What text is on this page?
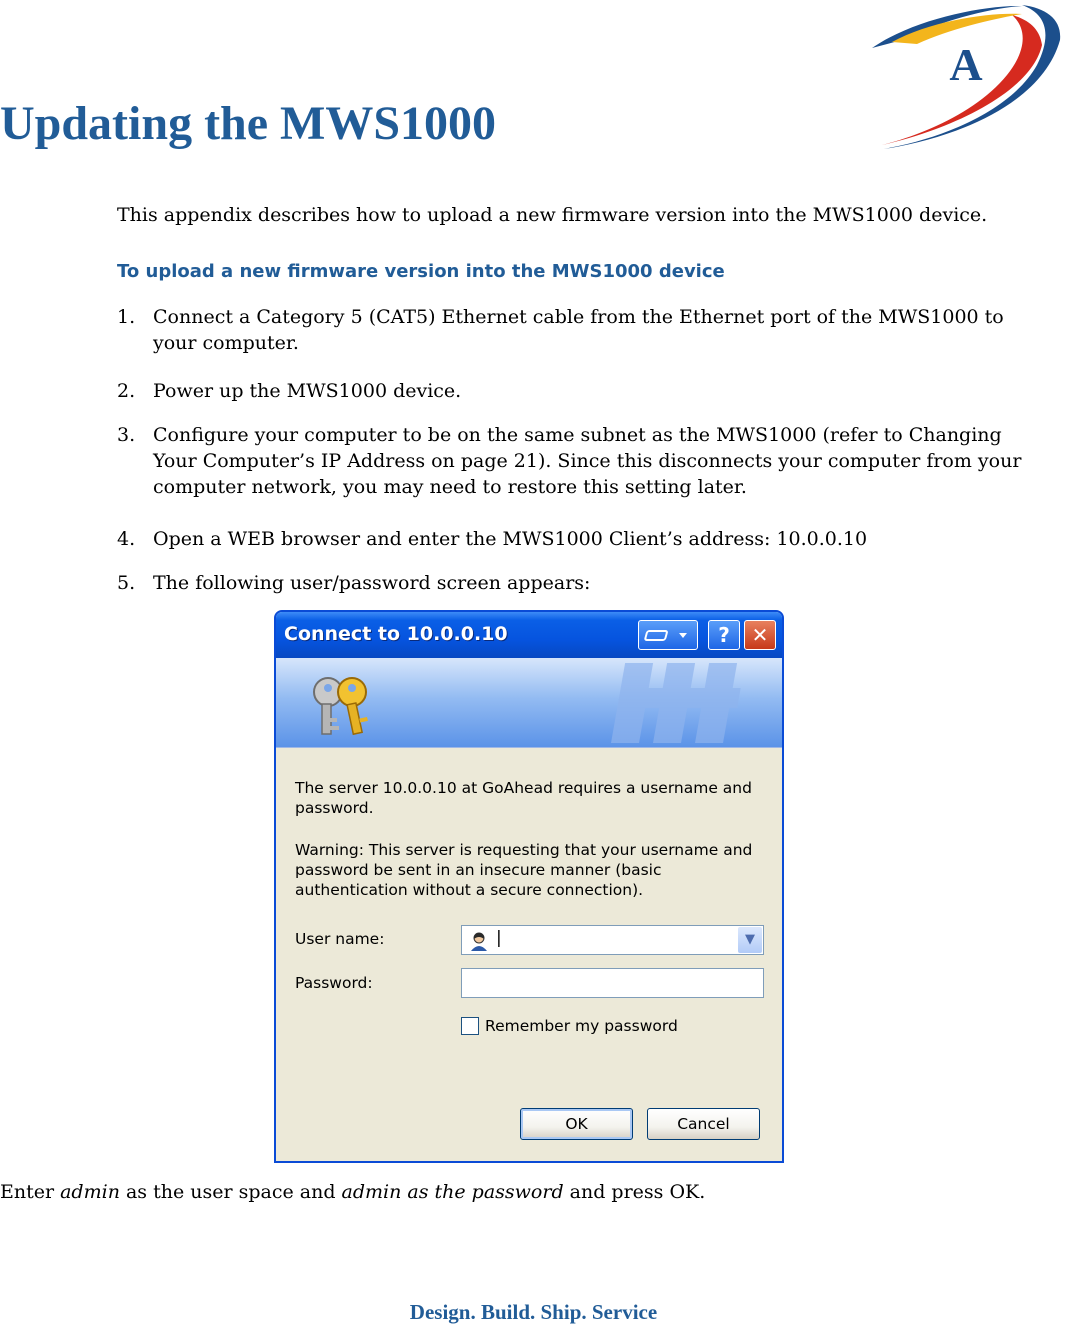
A
Updating the MWS1000

This appendix describes how to upload a new firmware version into the MWS1000 device.

To upload a new firmware version into the MWS1000 device
1. Connect a Category 5 (CAT5) Ethernet cable from the Ethernet port of the MWS1000 to your computer.
2. Power up the MWS1000 device.
3. Configure your computer to be on the same subnet as the MWS1000 (refer to Changing Your Computer’s IP Address on page 21). Since this disconnects your computer from your computer network, you may need to restore this setting later.
4. Open a WEB browser and enter the MWS1000 Client’s address: 10.0.0.10
5. The following user/password screen appears:
Connect to 10.0.0.10	?	✕

The server 10.0.0.10 at GoAhead requires a username and password.

Warning: This server is requesting that your username and password be sent in an insecure manner (basic authentication without a secure connection).

User name:	|	▼
Password:
Remember my password
OK	Cancel
Enter admin as the user space and admin as the password and press OK.
Design. Build. Ship. Service
